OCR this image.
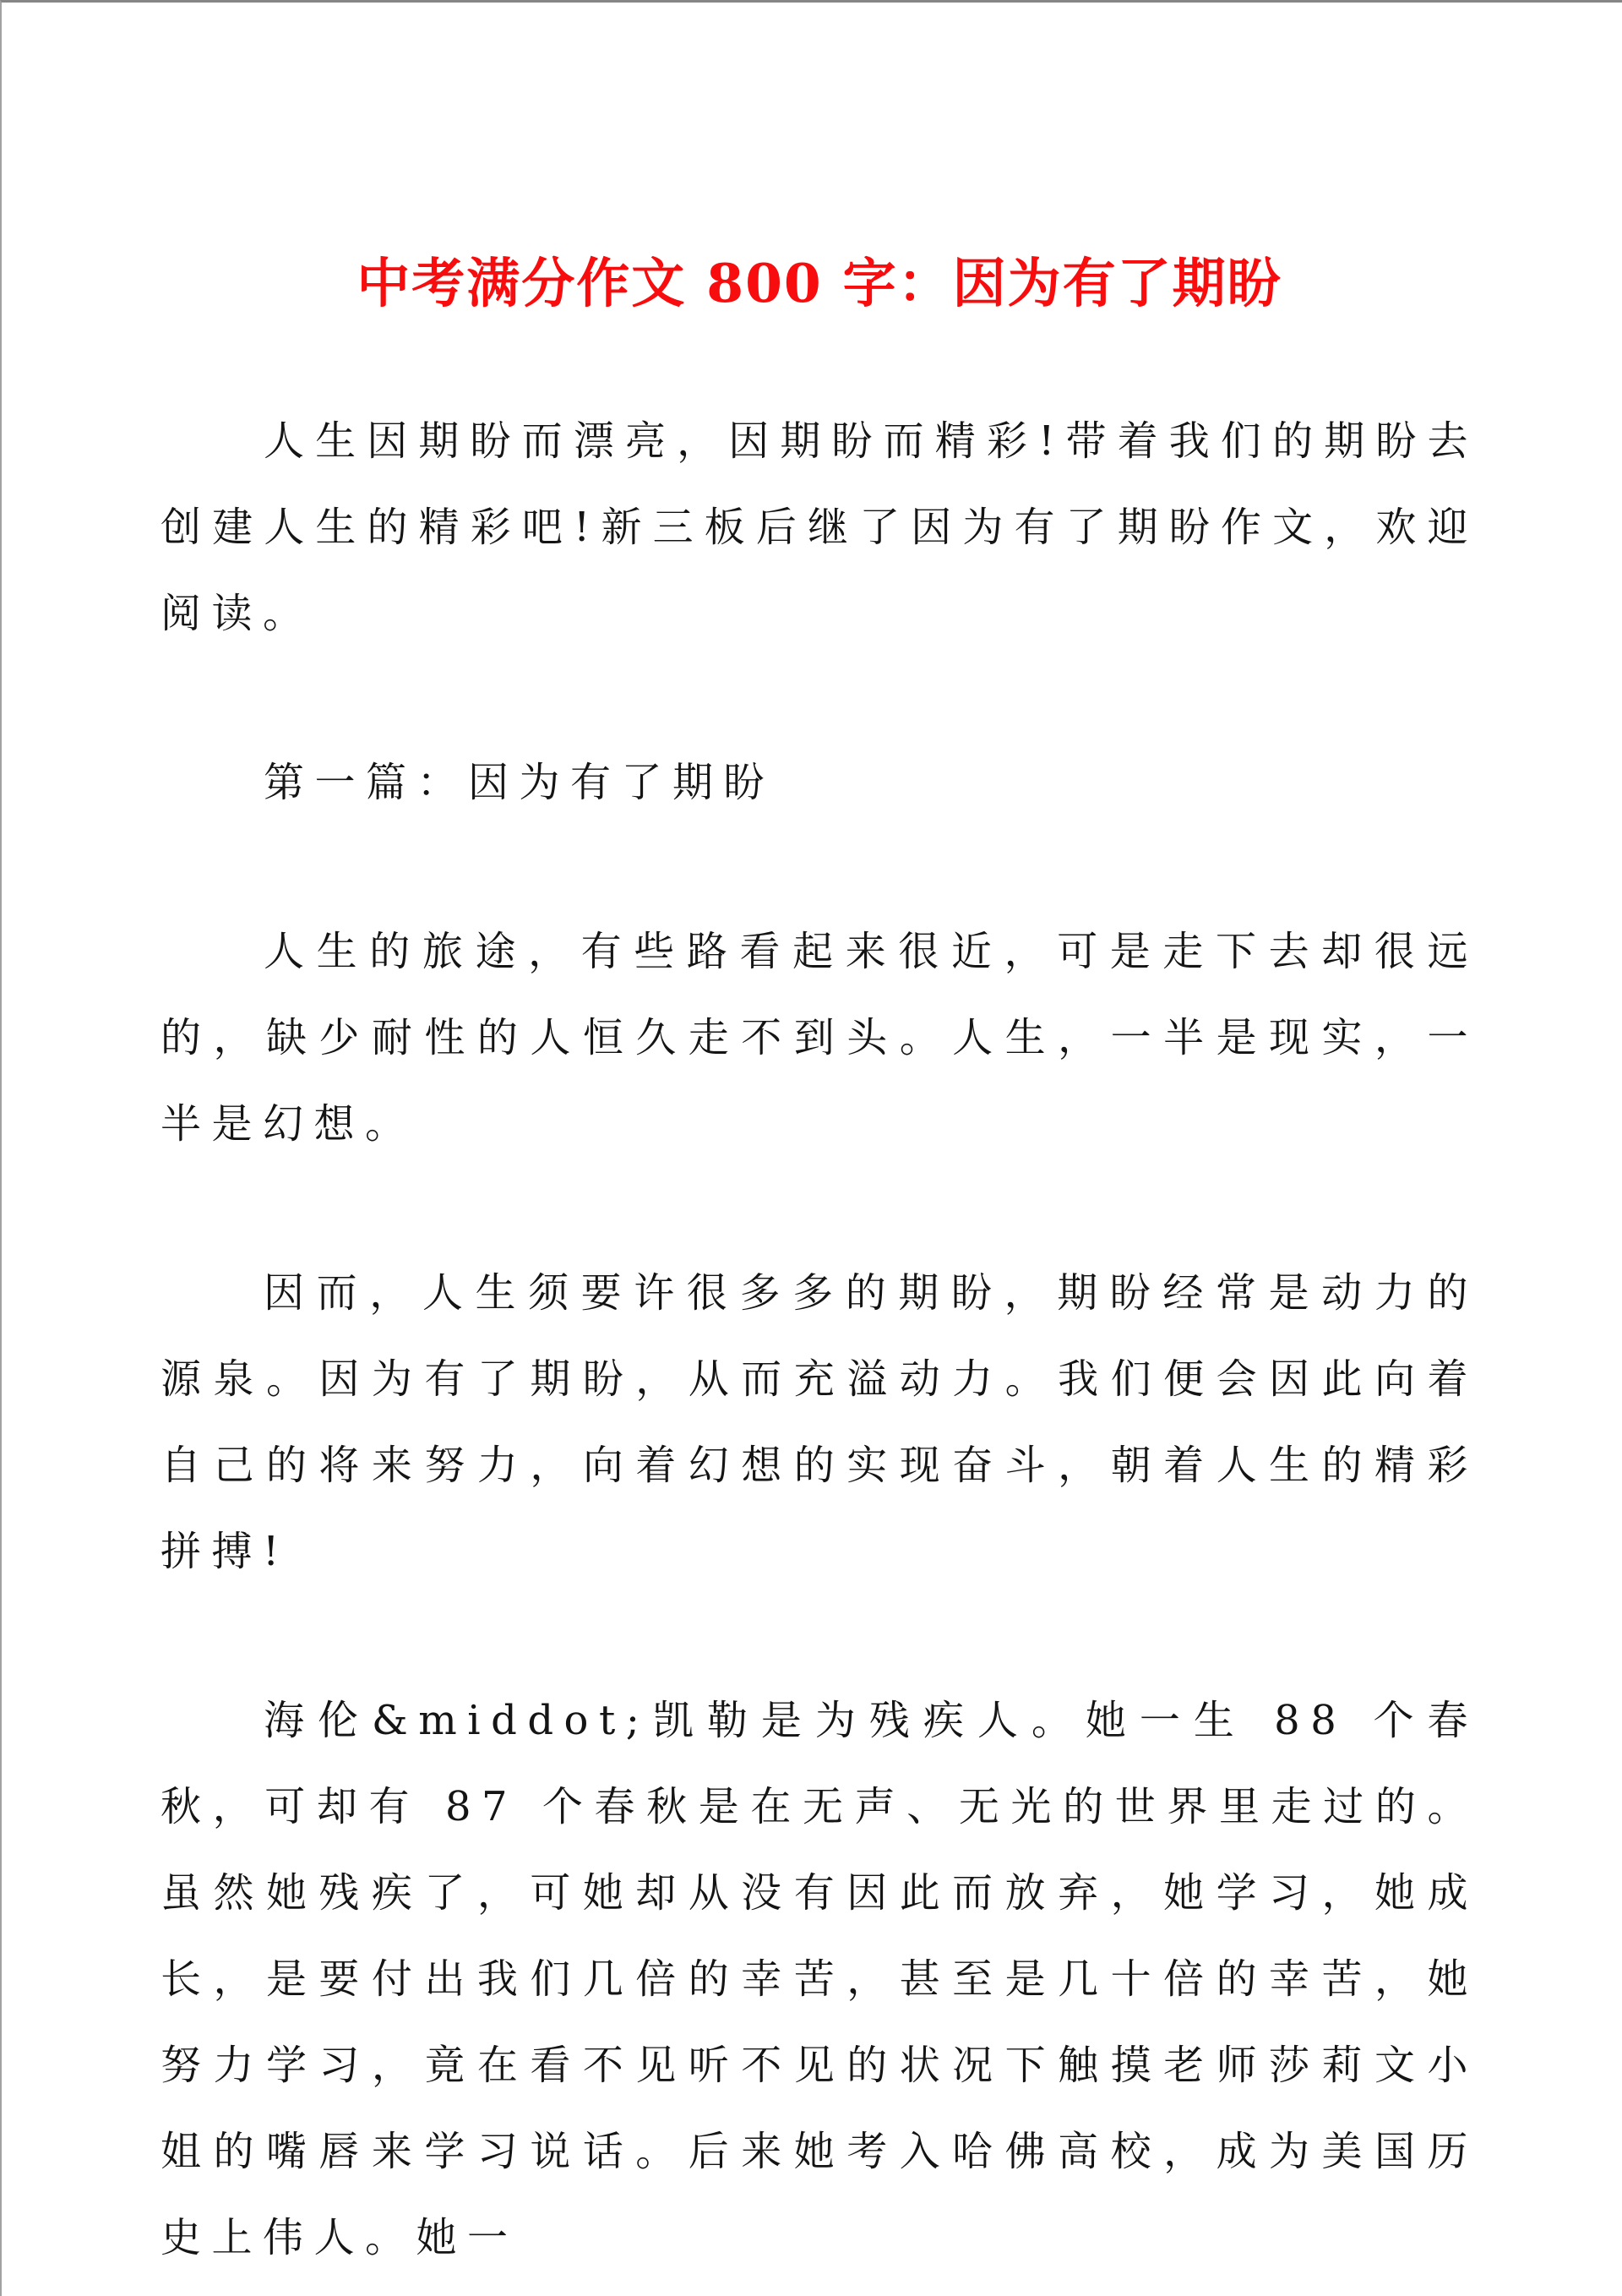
中考满分作文 800 字：因为有了期盼

人生因期盼而漂亮，因期盼而精彩!带着我们的期盼去创建人生的精彩吧!新三板后继了因为有了期盼作文，欢迎阅读。

第一篇：因为有了期盼

人生的旅途，有些路看起来很近，可是走下去却很远的，缺少耐性的人恒久走不到头。人生，一半是现实，一半是幻想。

因而，人生须要许很多多的期盼，期盼经常是动力的源泉。因为有了期盼，从而充溢动力。我们便会因此向着自己的将来努力，向着幻想的实现奋斗，朝着人生的精彩拼搏!

海伦&middot;凯勒是为残疾人。她一生 88 个春秋，可却有 87 个春秋是在无声、无光的世界里走过的。虽然她残疾了，可她却从没有因此而放弃，她学习，她成长，是要付出我们几倍的幸苦，甚至是几十倍的幸苦，她努力学习，竟在看不见听不见的状况下触摸老师莎莉文小姐的嘴唇来学习说话。后来她考入哈佛高校，成为美国历史上伟人。她一
